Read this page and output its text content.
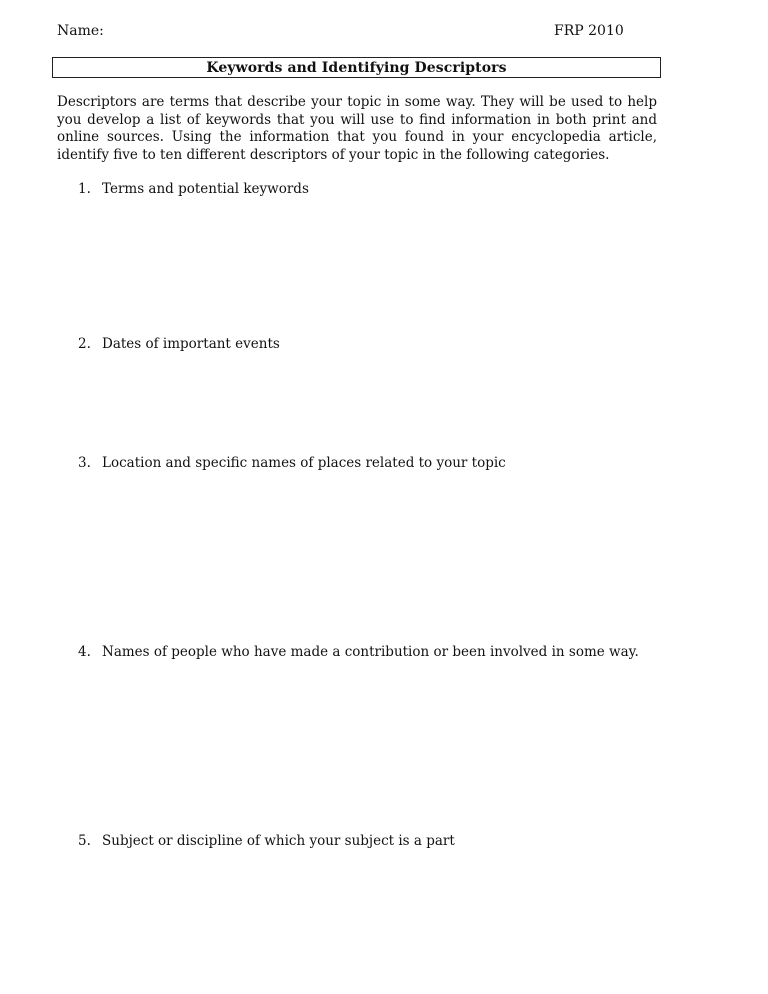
Name:	FRP 2010
Keywords and Identifying Descriptors

Descriptors are terms that describe your topic in some way. They will be used to help you develop a list of keywords that you will use to find information in both print and online sources. Using the information that you found in your encyclopedia article, identify five to ten different descriptors of your topic in the following categories.

1. Terms and potential keywords
2. Dates of important events
3. Location and specific names of places related to your topic
4. Names of people who have made a contribution or been involved in some way.
5. Subject or discipline of which your subject is a part
